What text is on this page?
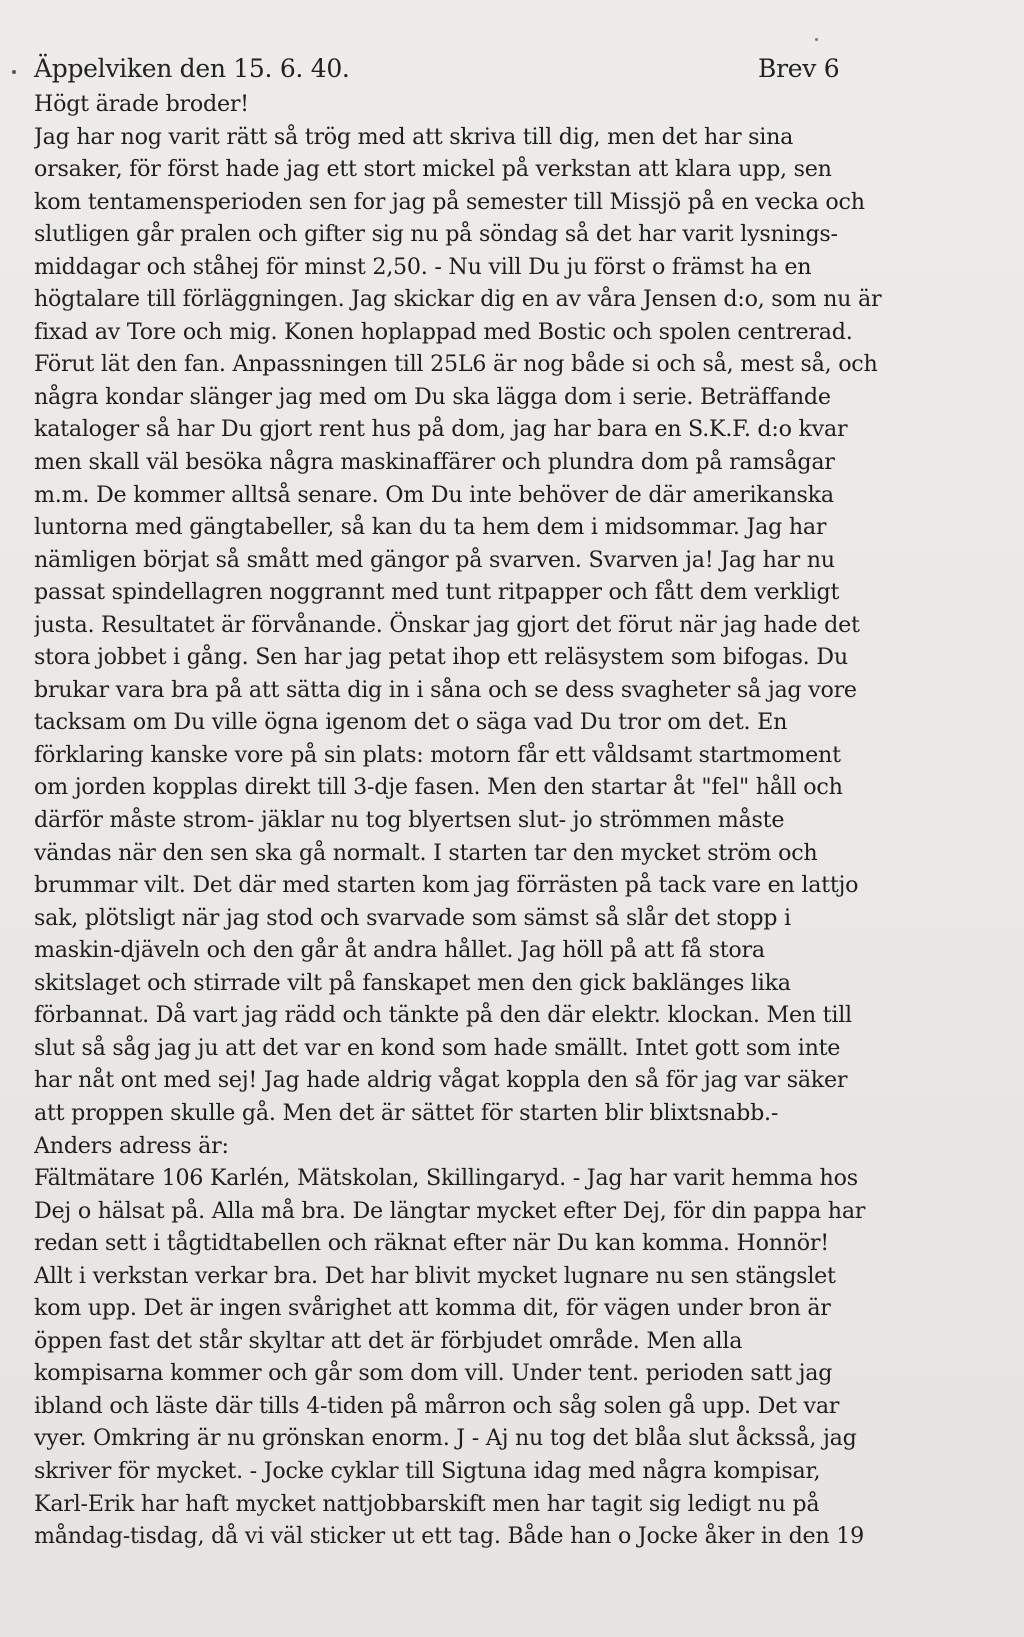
Äppelviken den 15. 6. 40.	Brev 6
Högt ärade broder!
Jag har nog varit rätt så trög med att skriva till dig, men det har sina
orsaker, för först hade jag ett stort mickel på verkstan att klara upp, sen
kom tentamensperioden sen for jag på semester till Missjö på en vecka och
slutligen går pralen och gifter sig nu på söndag så det har varit lysnings-
middagar och ståhej för minst 2,50. - Nu vill Du ju först o främst ha en
högtalare till förläggningen. Jag skickar dig en av våra Jensen d:o, som nu är
fixad av Tore och mig. Konen hoplappad med Bostic och spolen centrerad.
Förut lät den fan. Anpassningen till 25L6 är nog både si och så, mest så, och
några kondar slänger jag med om Du ska lägga dom i serie. Beträffande
kataloger så har Du gjort rent hus på dom, jag har bara en S.K.F. d:o kvar
men skall väl besöka några maskinaffärer och plundra dom på ramsågar
m.m. De kommer alltså senare. Om Du inte behöver de där amerikanska
luntorna med gängtabeller, så kan du ta hem dem i midsommar. Jag har
nämligen börjat så smått med gängor på svarven. Svarven ja! Jag har nu
passat spindellagren noggrannt med tunt ritpapper och fått dem verkligt
justa. Resultatet är förvånande. Önskar jag gjort det förut när jag hade det
stora jobbet i gång. Sen har jag petat ihop ett reläsystem som bifogas. Du
brukar vara bra på att sätta dig in i såna och se dess svagheter så jag vore
tacksam om Du ville ögna igenom det o säga vad Du tror om det. En
förklaring kanske vore på sin plats: motorn får ett våldsamt startmoment
om jorden kopplas direkt till 3-dje fasen. Men den startar åt "fel" håll och
därför måste strom- jäklar nu tog blyertsen slut- jo strömmen måste
vändas när den sen ska gå normalt. I starten tar den mycket ström och
brummar vilt. Det där med starten kom jag förrästen på tack vare en lattjo
sak, plötsligt när jag stod och svarvade som sämst så slår det stopp i
maskin-djäveln och den går åt andra hållet. Jag höll på att få stora
skitslaget och stirrade vilt på fanskapet men den gick baklänges lika
förbannat. Då vart jag rädd och tänkte på den där elektr. klockan. Men till
slut så såg jag ju att det var en kond som hade smällt. Intet gott som inte
har nåt ont med sej! Jag hade aldrig vågat koppla den så för jag var säker
att proppen skulle gå. Men det är sättet för starten blir blixtsnabb.-
Anders adress är:
Fältmätare 106 Karlén, Mätskolan, Skillingaryd. - Jag har varit hemma hos
Dej o hälsat på. Alla må bra. De längtar mycket efter Dej, för din pappa har
redan sett i tågtidtabellen och räknat efter när Du kan komma. Honnör!
Allt i verkstan verkar bra. Det har blivit mycket lugnare nu sen stängslet
kom upp. Det är ingen svårighet att komma dit, för vägen under bron är
öppen fast det står skyltar att det är förbjudet område. Men alla
kompisarna kommer och går som dom vill. Under tent. perioden satt jag
ibland och läste där tills 4-tiden på mårron och såg solen gå upp. Det var
vyer. Omkring är nu grönskan enorm. J - Aj nu tog det blåa slut åcksså, jag
skriver för mycket. - Jocke cyklar till Sigtuna idag med några kompisar,
Karl-Erik har haft mycket nattjobbarskift men har tagit sig ledigt nu på
måndag-tisdag, då vi väl sticker ut ett tag. Både han o Jocke åker in den 19
